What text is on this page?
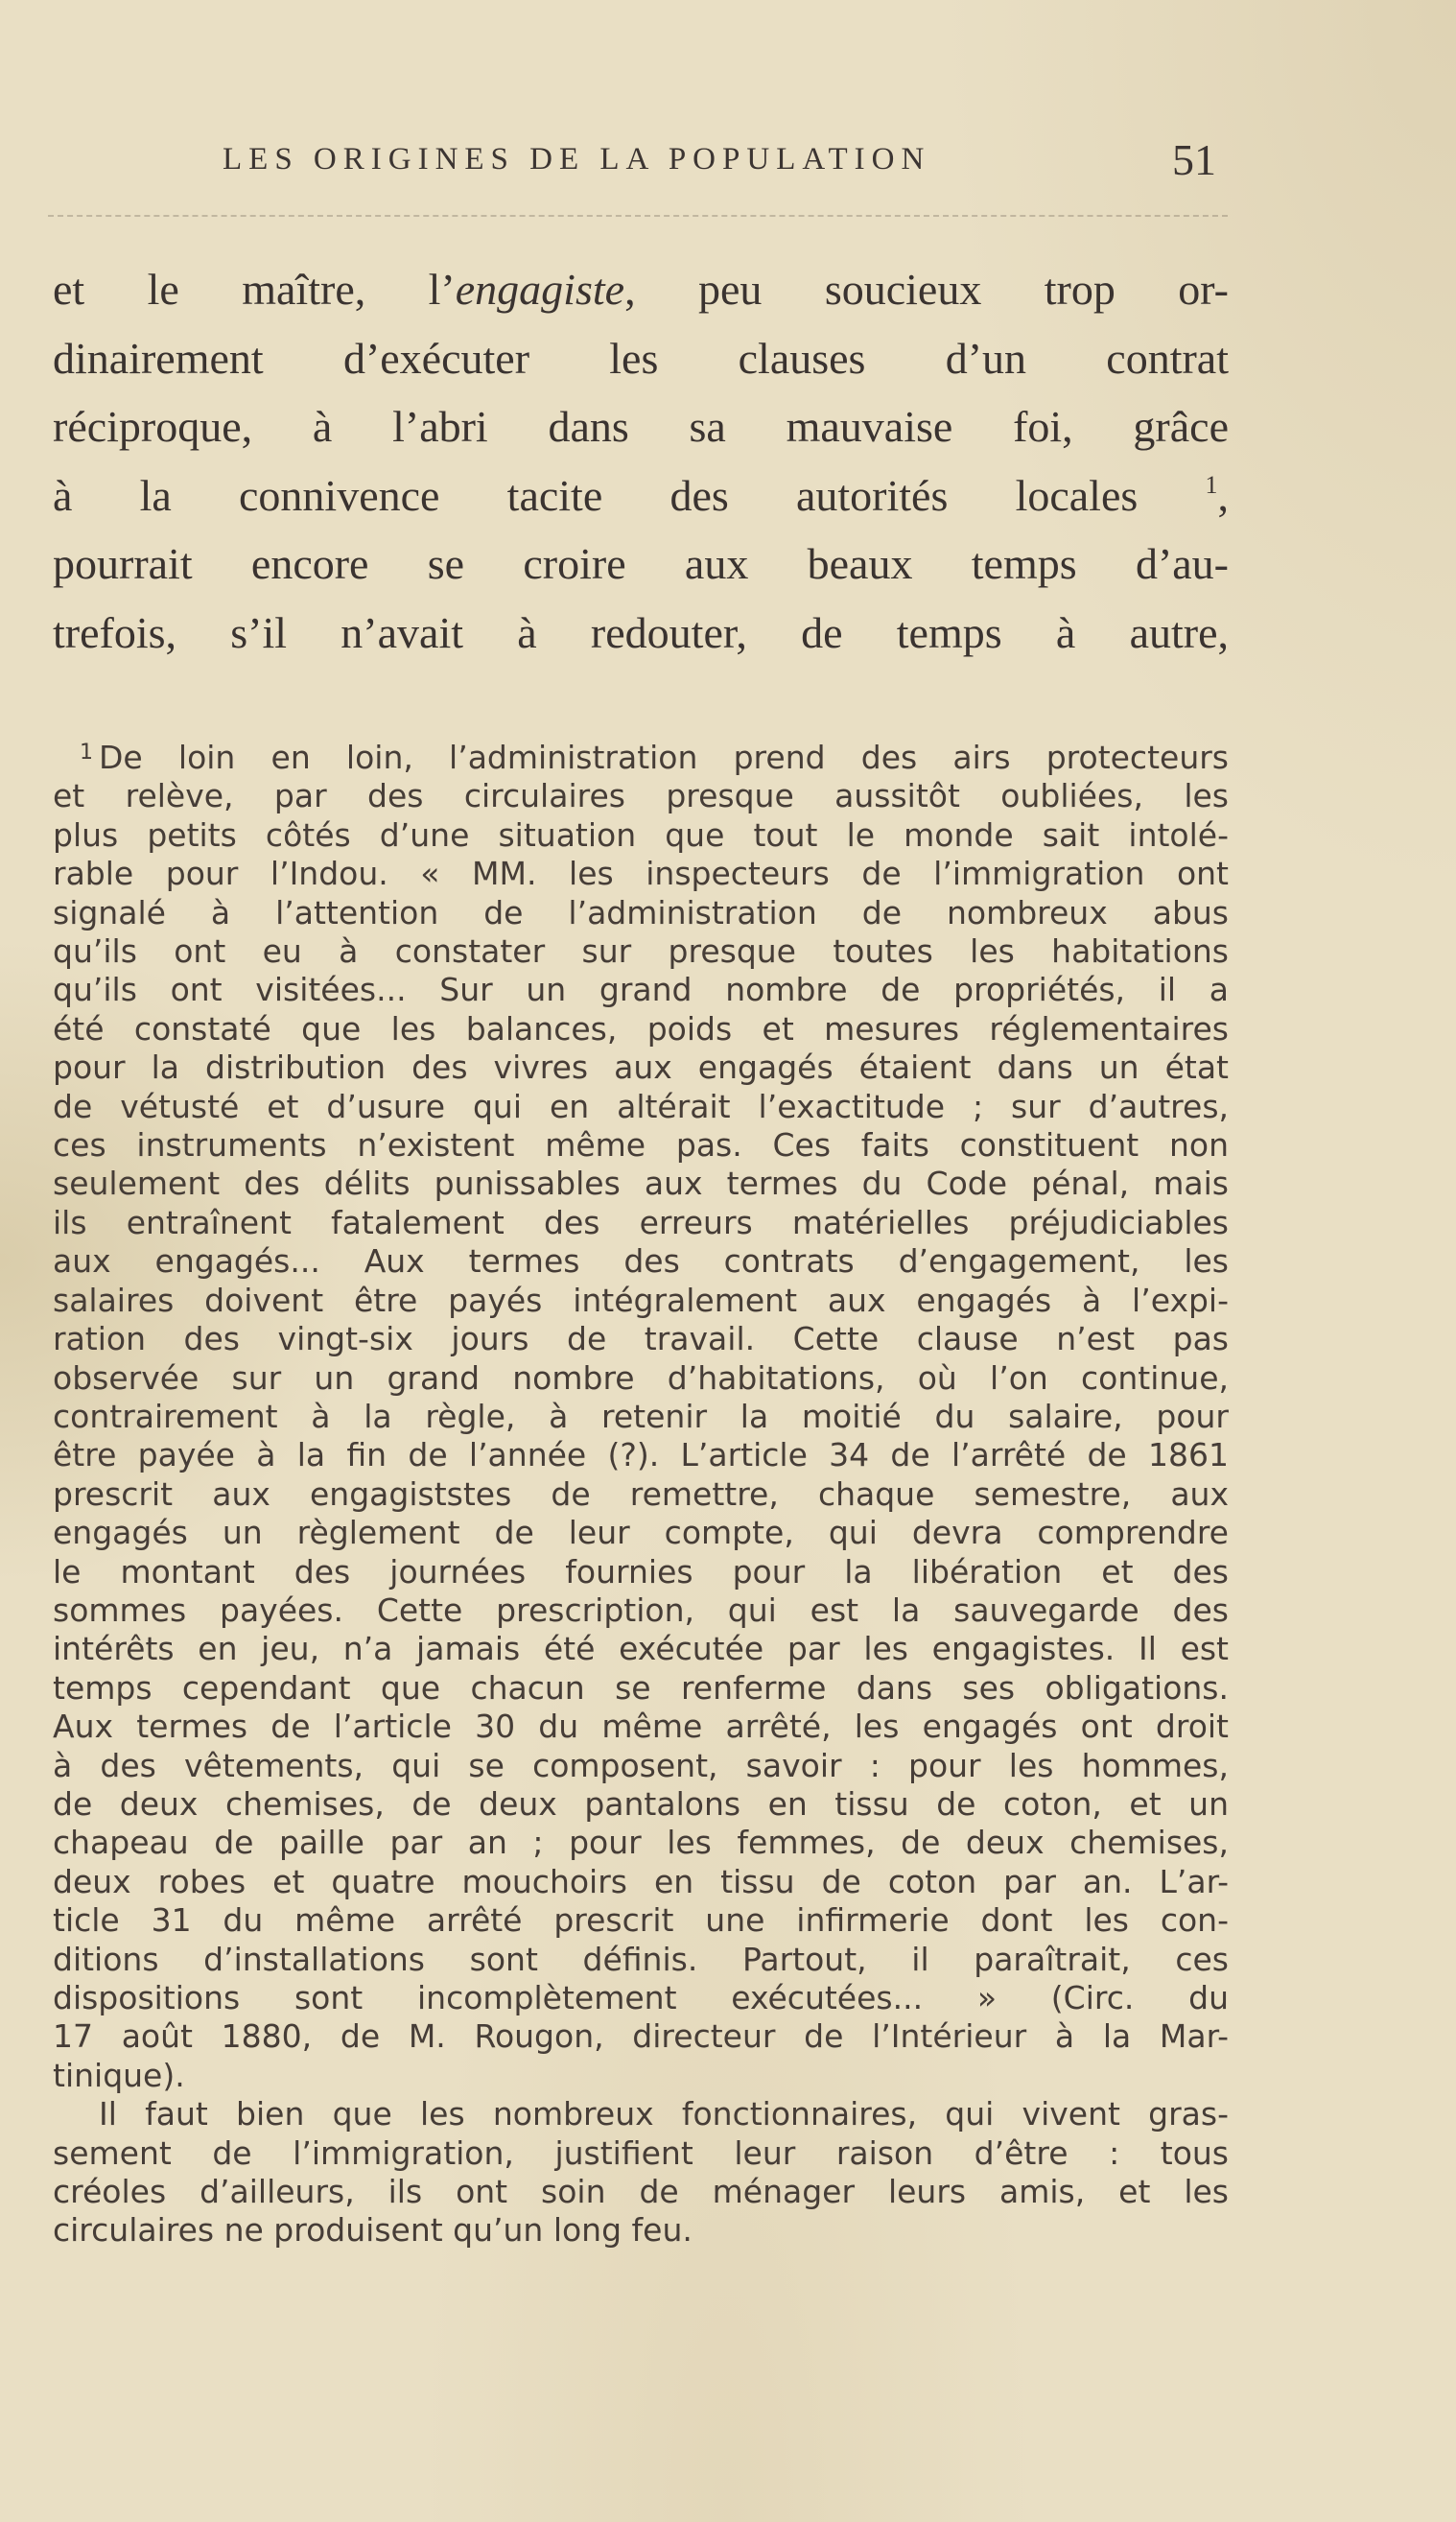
LES ORIGINES DE LA POPULATION	51
et le maître, l’engagiste, peu soucieux trop or-
dinairement d’exécuter les clauses d’un contrat
réciproque, à l’abri dans sa mauvaise foi, grâce
à la connivence tacite des autorités locales	$^1$,
pourrait encore se croire aux beaux temps d’au-
trefois, s’il n’avait à redouter, de temps à autre,
$^1$ De loin en loin, l’administration prend des airs protecteurs
et relève, par des circulaires presque aussitôt oubliées, les
plus petits côtés d’une situation que tout le monde sait intolé-
rable pour l’Indou. « MM. les inspecteurs de l’immigration ont
signalé à l’attention de l’administration de nombreux abus
qu’ils ont eu à constater sur presque toutes les habitations
qu’ils ont visitées... Sur un grand nombre de propriétés, il a
été constaté que les balances, poids et mesures réglementaires
pour la distribution des vivres aux engagés étaient dans un état
de vétusté et d’usure qui en altérait l’exactitude ; sur d’autres,
ces instruments n’existent même pas. Ces faits constituent non
seulement des délits punissables aux termes du Code pénal, mais
ils entraînent fatalement des erreurs matérielles préjudiciables
aux engagés... Aux termes des contrats d’engagement, les
salaires doivent être payés intégralement aux engagés à l’expi-
ration des vingt-six jours de travail. Cette clause n’est pas
observée sur un grand nombre d’habitations, où l’on continue,
contrairement à la règle, à retenir la moitié du salaire, pour
être payée à la fin de l’année (?). L’article 34 de l’arrêté de 1861
prescrit aux engagiststes de remettre, chaque semestre, aux
engagés un règlement de leur compte, qui devra comprendre
le montant des journées fournies pour la libération et des
sommes payées. Cette prescription, qui est la sauvegarde des
intérêts en jeu, n’a jamais été exécutée par les engagistes. Il est
temps cependant que chacun se renferme dans ses obligations.
Aux termes de l’article 30 du même arrêté, les engagés ont droit
à des vêtements, qui se composent, savoir : pour les hommes,
de deux chemises, de deux pantalons en tissu de coton, et un
chapeau de paille par an ; pour les femmes, de deux chemises,
deux robes et quatre mouchoirs en tissu de coton par an. L’ar-
ticle 31 du même arrêté prescrit une infirmerie dont les con-
ditions d’installations sont définis. Partout, il paraîtrait, ces
dispositions sont incomplètement exécutées... » (Circ. du
17 août 1880, de M. Rougon, directeur de l’Intérieur à la Mar-
tinique).
Il faut bien que les nombreux fonctionnaires, qui vivent gras-
sement de l’immigration, justifient leur raison d’être : tous
créoles d’ailleurs, ils ont soin de ménager leurs amis, et les
circulaires ne produisent qu’un long feu.
